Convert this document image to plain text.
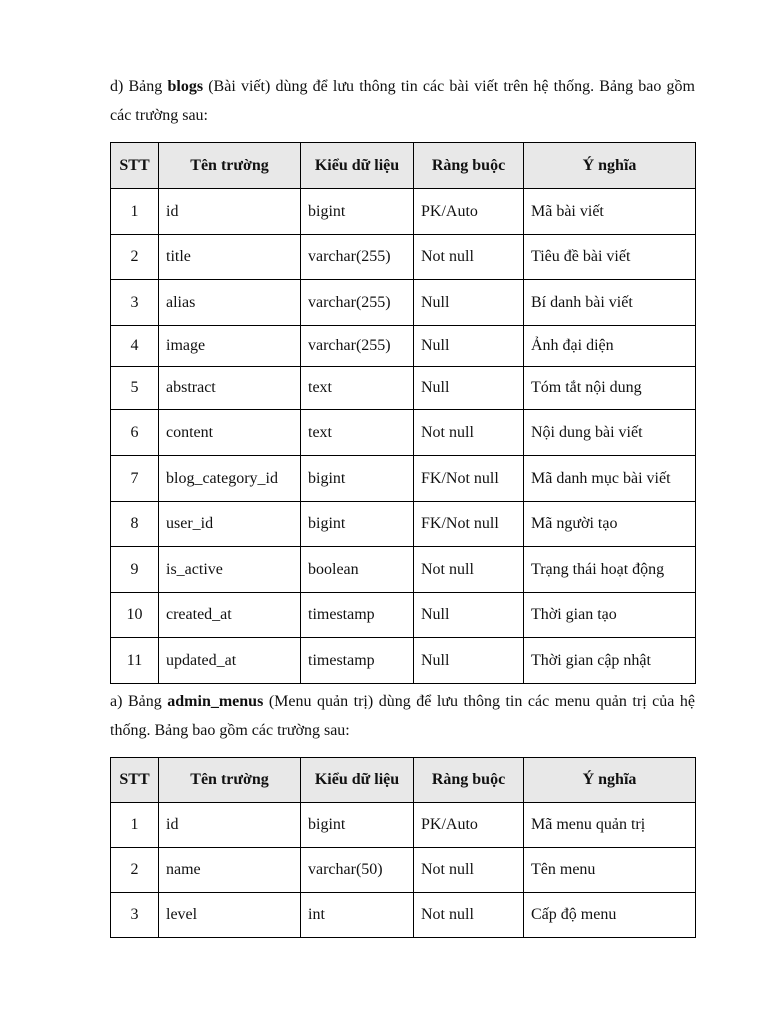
d) Bảng blogs (Bài viết) dùng để lưu thông tin các bài viết trên hệ thống. Bảng bao gồm các trường sau:

STT	Tên trường	Kiểu dữ liệu	Ràng buộc	Ý nghĩa
1	id	bigint	PK/Auto	Mã bài viết
2	title	varchar(255)	Not null	Tiêu đề bài viết
3	alias	varchar(255)	Null	Bí danh bài viết
4	image	varchar(255)	Null	Ảnh đại diện
5	abstract	text	Null	Tóm tắt nội dung
6	content	text	Not null	Nội dung bài viết
7	blog_category_id	bigint	FK/Not null	Mã danh mục bài viết
8	user_id	bigint	FK/Not null	Mã người tạo
9	is_active	boolean	Not null	Trạng thái hoạt động
10	created_at	timestamp	Null	Thời gian tạo
11	updated_at	timestamp	Null	Thời gian cập nhật

a) Bảng admin_menus (Menu quản trị) dùng để lưu thông tin các menu quản trị của hệ thống. Bảng bao gồm các trường sau:

STT	Tên trường	Kiểu dữ liệu	Ràng buộc	Ý nghĩa
1	id	bigint	PK/Auto	Mã menu quản trị
2	name	varchar(50)	Not null	Tên menu
3	level	int	Not null	Cấp độ menu
